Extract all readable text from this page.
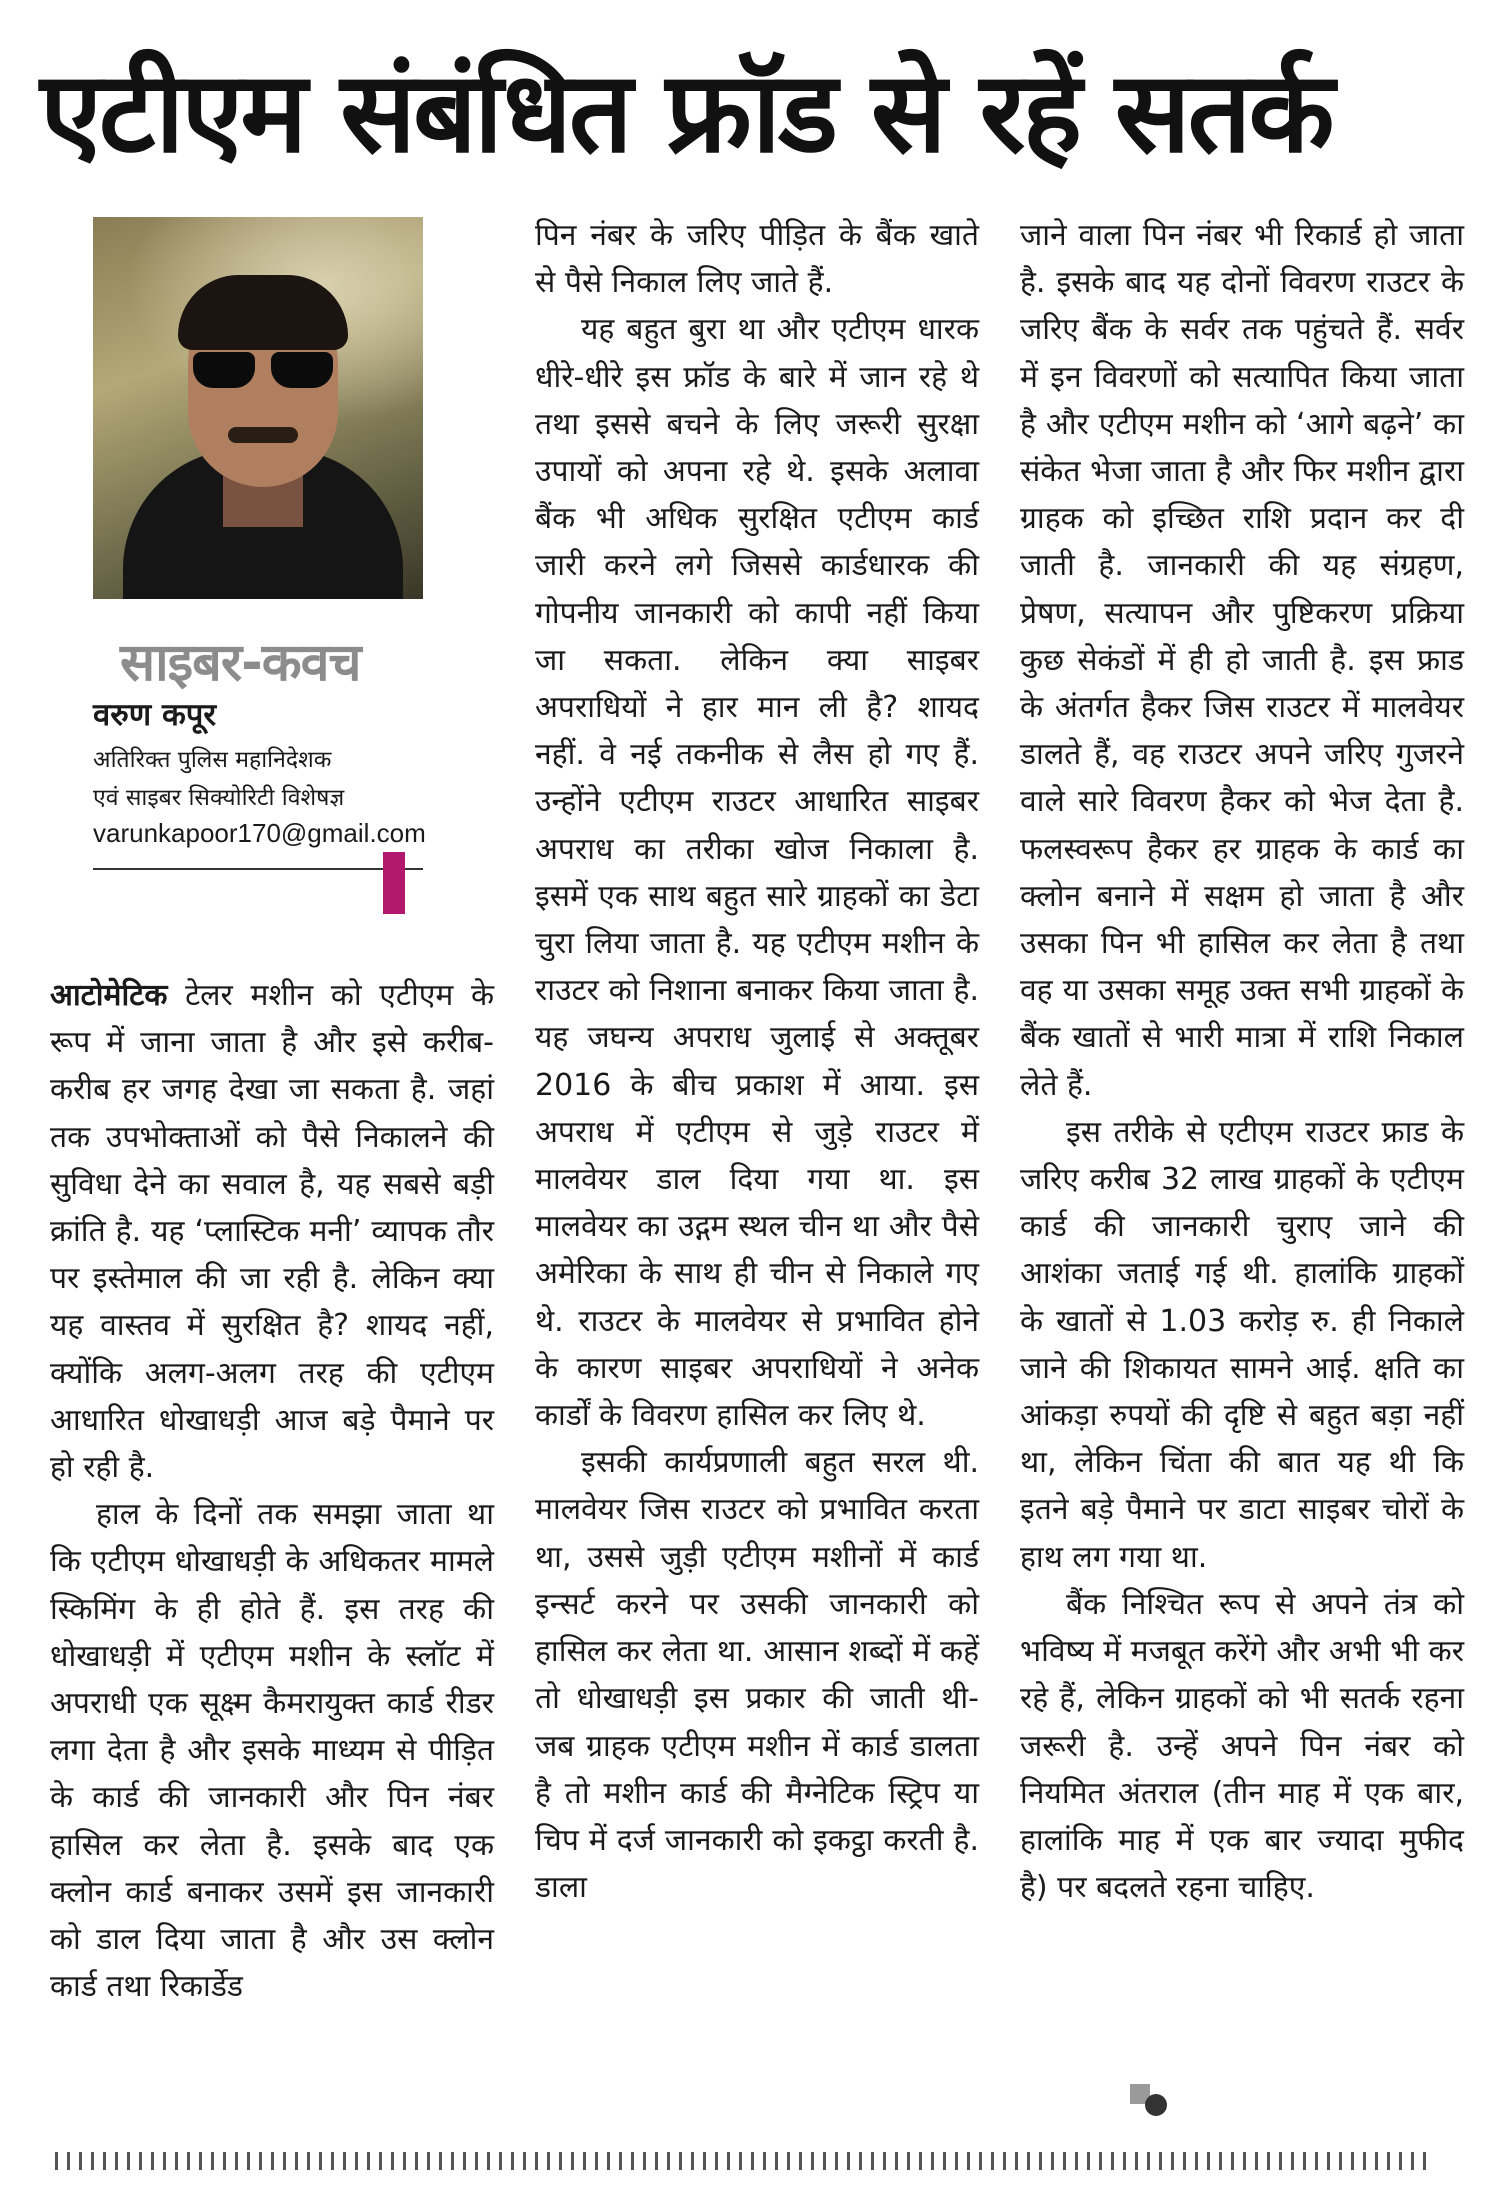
एटीएम संबंधित फ्रॉड से रहें सतर्क
साइबर-कवच
वरुण कपूर
अतिरिक्त पुलिस महानिदेशक
एवं साइबर सिक्योरिटी विशेषज्ञ
varunkapoor170@gmail.com

आटोमेटिक टेलर मशीन को एटीएम के रूप में जाना जाता है और इसे करीब-करीब हर जगह देखा जा सकता है. जहां तक उपभोक्ताओं को पैसे निकालने की सुविधा देने का सवाल है, यह सबसे बड़ी क्रांति है. यह ‘प्लास्टिक मनी’ व्यापक तौर पर इस्तेमाल की जा रही है. लेकिन क्या यह वास्तव में सुरक्षित है? शायद नहीं, क्योंकि अलग-अलग तरह की एटीएम आधारित धोखाधड़ी आज बड़े पैमाने पर हो रही है.

हाल के दिनों तक समझा जाता था कि एटीएम धोखाधड़ी के अधिकतर मामले स्किमिंग के ही होते हैं. इस तरह की धोखाधड़ी में एटीएम मशीन के स्लॉट में अपराधी एक सूक्ष्म कैमरायुक्त कार्ड रीडर लगा देता है और इसके माध्यम से पीड़ित के कार्ड की जानकारी और पिन नंबर हासिल कर लेता है. इसके बाद एक क्लोन कार्ड बनाकर उसमें इस जानकारी को डाल दिया जाता है और उस क्लोन कार्ड तथा रिकार्डेड

पिन नंबर के जरिए पीड़ित के बैंक खाते से पैसे निकाल लिए जाते हैं.

यह बहुत बुरा था और एटीएम धारक धीरे-धीरे इस फ्रॉड के बारे में जान रहे थे तथा इससे बचने के लिए जरूरी सुरक्षा उपायों को अपना रहे थे. इसके अलावा बैंक भी अधिक सुरक्षित एटीएम कार्ड जारी करने लगे जिससे कार्डधारक की गोपनीय जानकारी को कापी नहीं किया जा सकता. लेकिन क्या साइबर अपराधियों ने हार मान ली है? शायद नहीं. वे नई तकनीक से लैस हो गए हैं. उन्होंने एटीएम राउटर आधारित साइबर अपराध का तरीका खोज निकाला है. इसमें एक साथ बहुत सारे ग्राहकों का डेटा चुरा लिया जाता है. यह एटीएम मशीन के राउटर को निशाना बनाकर किया जाता है. यह जघन्य अपराध जुलाई से अक्तूबर 2016 के बीच प्रकाश में आया. इस अपराध में एटीएम से जुड़े राउटर में मालवेयर डाल दिया गया था. इस मालवेयर का उद्गम स्थल चीन था और पैसे अमेरिका के साथ ही चीन से निकाले गए थे. राउटर के मालवेयर से प्रभावित होने के कारण साइबर अपराधियों ने अनेक कार्डों के विवरण हासिल कर लिए थे.

इसकी कार्यप्रणाली बहुत सरल थी. मालवेयर जिस राउटर को प्रभावित करता था, उससे जुड़ी एटीएम मशीनों में कार्ड इन्सर्ट करने पर उसकी जानकारी को हासिल कर लेता था. आसान शब्दों में कहें तो धोखाधड़ी इस प्रकार की जाती थी- जब ग्राहक एटीएम मशीन में कार्ड डालता है तो मशीन कार्ड की मैग्नेटिक स्ट्रिप या चिप में दर्ज जानकारी को इकट्ठा करती है. डाला

जाने वाला पिन नंबर भी रिकार्ड हो जाता है. इसके बाद यह दोनों विवरण राउटर के जरिए बैंक के सर्वर तक पहुंचते हैं. सर्वर में इन विवरणों को सत्यापित किया जाता है और एटीएम मशीन को ‘आगे बढ़ने’ का संकेत भेजा जाता है और फिर मशीन द्वारा ग्राहक को इच्छित राशि प्रदान कर दी जाती है. जानकारी की यह संग्रहण, प्रेषण, सत्यापन और पुष्टिकरण प्रक्रिया कुछ सेकंडों में ही हो जाती है. इस फ्राड के अंतर्गत हैकर जिस राउटर में मालवेयर डालते हैं, वह राउटर अपने जरिए गुजरने वाले सारे विवरण हैकर को भेज देता है. फलस्वरूप हैकर हर ग्राहक के कार्ड का क्लोन बनाने में सक्षम हो जाता है और उसका पिन भी हासिल कर लेता है तथा वह या उसका समूह उक्त सभी ग्राहकों के बैंक खातों से भारी मात्रा में राशि निकाल लेते हैं.

इस तरीके से एटीएम राउटर फ्राड के जरिए करीब 32 लाख ग्राहकों के एटीएम कार्ड की जानकारी चुराए जाने की आशंका जताई गई थी. हालांकि ग्राहकों के खातों से 1.03 करोड़ रु. ही निकाले जाने की शिकायत सामने आई. क्षति का आंकड़ा रुपयों की दृष्टि से बहुत बड़ा नहीं था, लेकिन चिंता की बात यह थी कि इतने बड़े पैमाने पर डाटा साइबर चोरों के हाथ लग गया था.

बैंक निश्चित रूप से अपने तंत्र को भविष्य में मजबूत करेंगे और अभी भी कर रहे हैं, लेकिन ग्राहकों को भी सतर्क रहना जरूरी है. उन्हें अपने पिन नंबर को नियमित अंतराल (तीन माह में एक बार, हालांकि माह में एक बार ज्यादा मुफीद है) पर बदलते रहना चाहिए.
